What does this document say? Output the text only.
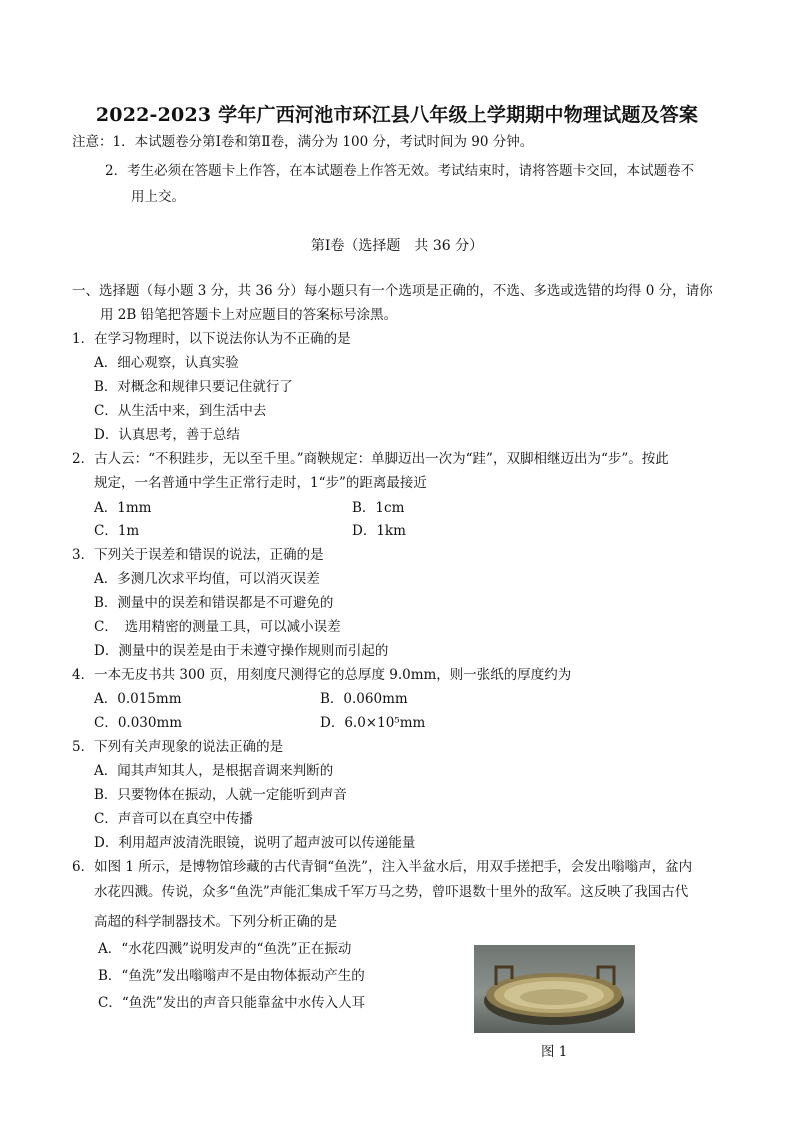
2022-2023 学年广西河池市环江县八年级上学期期中物理试题及答案
注意：1．本试题卷分第Ⅰ卷和第Ⅱ卷，满分为 100 分，考试时间为 90 分钟。
2．考生必须在答题卡上作答，在本试题卷上作答无效。考试结束时，请将答题卡交回，本试题卷不
用上交。
第Ⅰ卷（选择题　共 36 分）
一、选择题（每小题 3 分，共 36 分）每小题只有一个选项是正确的，不选、多选或选错的均得 0 分，请你
用 2B 铅笔把答题卡上对应题目的答案标号涂黑。
1．在学习物理时，以下说法你认为不正确的是
A．细心观察，认真实验
B．对概念和规律只要记住就行了
C．从生活中来，到生活中去
D．认真思考，善于总结
2．古人云：“不积跬步，无以至千里。”商鞅规定：单脚迈出一次为“跬”，双脚相继迈出为“步”。按此
规定，一名普通中学生正常行走时，1“步”的距离最接近
A．1mm	B．1cm
C．1m	D．1km
3．下列关于误差和错误的说法，正确的是
A．多测几次求平均值，可以消灭误差
B．测量中的误差和错误都是不可避免的
C．　选用精密的测量工具，可以减小误差
D．测量中的误差是由于未遵守操作规则而引起的
4．一本无皮书共 300 页，用刻度尺测得它的总厚度 9.0mm，则一张纸的厚度约为
A．0.015mm	B．0.060mm
C．0.030mm	D．6.0×10⁵mm
5．下列有关声现象的说法正确的是
A．闻其声知其人，是根据音调来判断的
B．只要物体在振动，人就一定能听到声音
C．声音可以在真空中传播
D．利用超声波清洗眼镜，说明了超声波可以传递能量
6．如图 1 所示，是博物馆珍藏的古代青铜“鱼洗”，注入半盆水后，用双手搓把手，会发出嗡嗡声，盆内
水花四溅。传说，众多“鱼洗”声能汇集成千军万马之势，曾吓退数十里外的敌军。这反映了我国古代
高超的科学制器技术。下列分析正确的是
A．“水花四溅”说明发声的“鱼洗”正在振动
B．“鱼洗”发出嗡嗡声不是由物体振动产生的
C．“鱼洗”发出的声音只能靠盆中水传入人耳
图 1
